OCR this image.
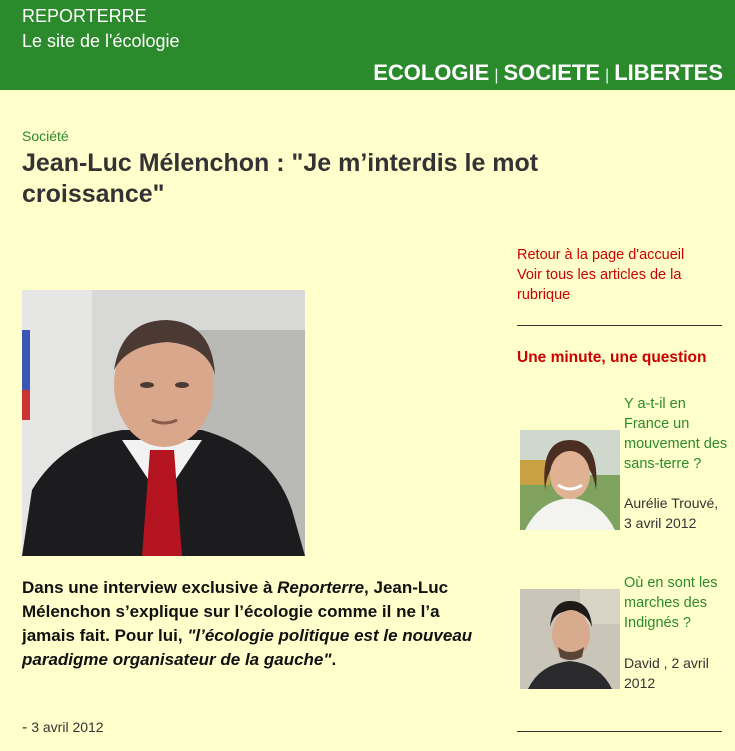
REPORTERRE
Le site de l'écologie
ECOLOGIE | SOCIETE | LIBERTES
Société
Jean-Luc Mélenchon : "Je m’interdis le mot croissance"

Dans une interview exclusive à Reporterre, Jean-Luc Mélenchon s’explique sur l’écologie comme il ne l’a jamais fait. Pour lui, "l’écologie politique est le nouveau paradigme organisateur de la gauche".

- 3 avril 2012
Retour à la page d'accueil
Voir tous les articles de la rubrique
Une minute, une question
Y a-t-il en France un mouvement des sans-terre ?
Aurélie Trouvé, 3 avril 2012
Où en sont les marches des Indignés ?
David , 2 avril 2012
